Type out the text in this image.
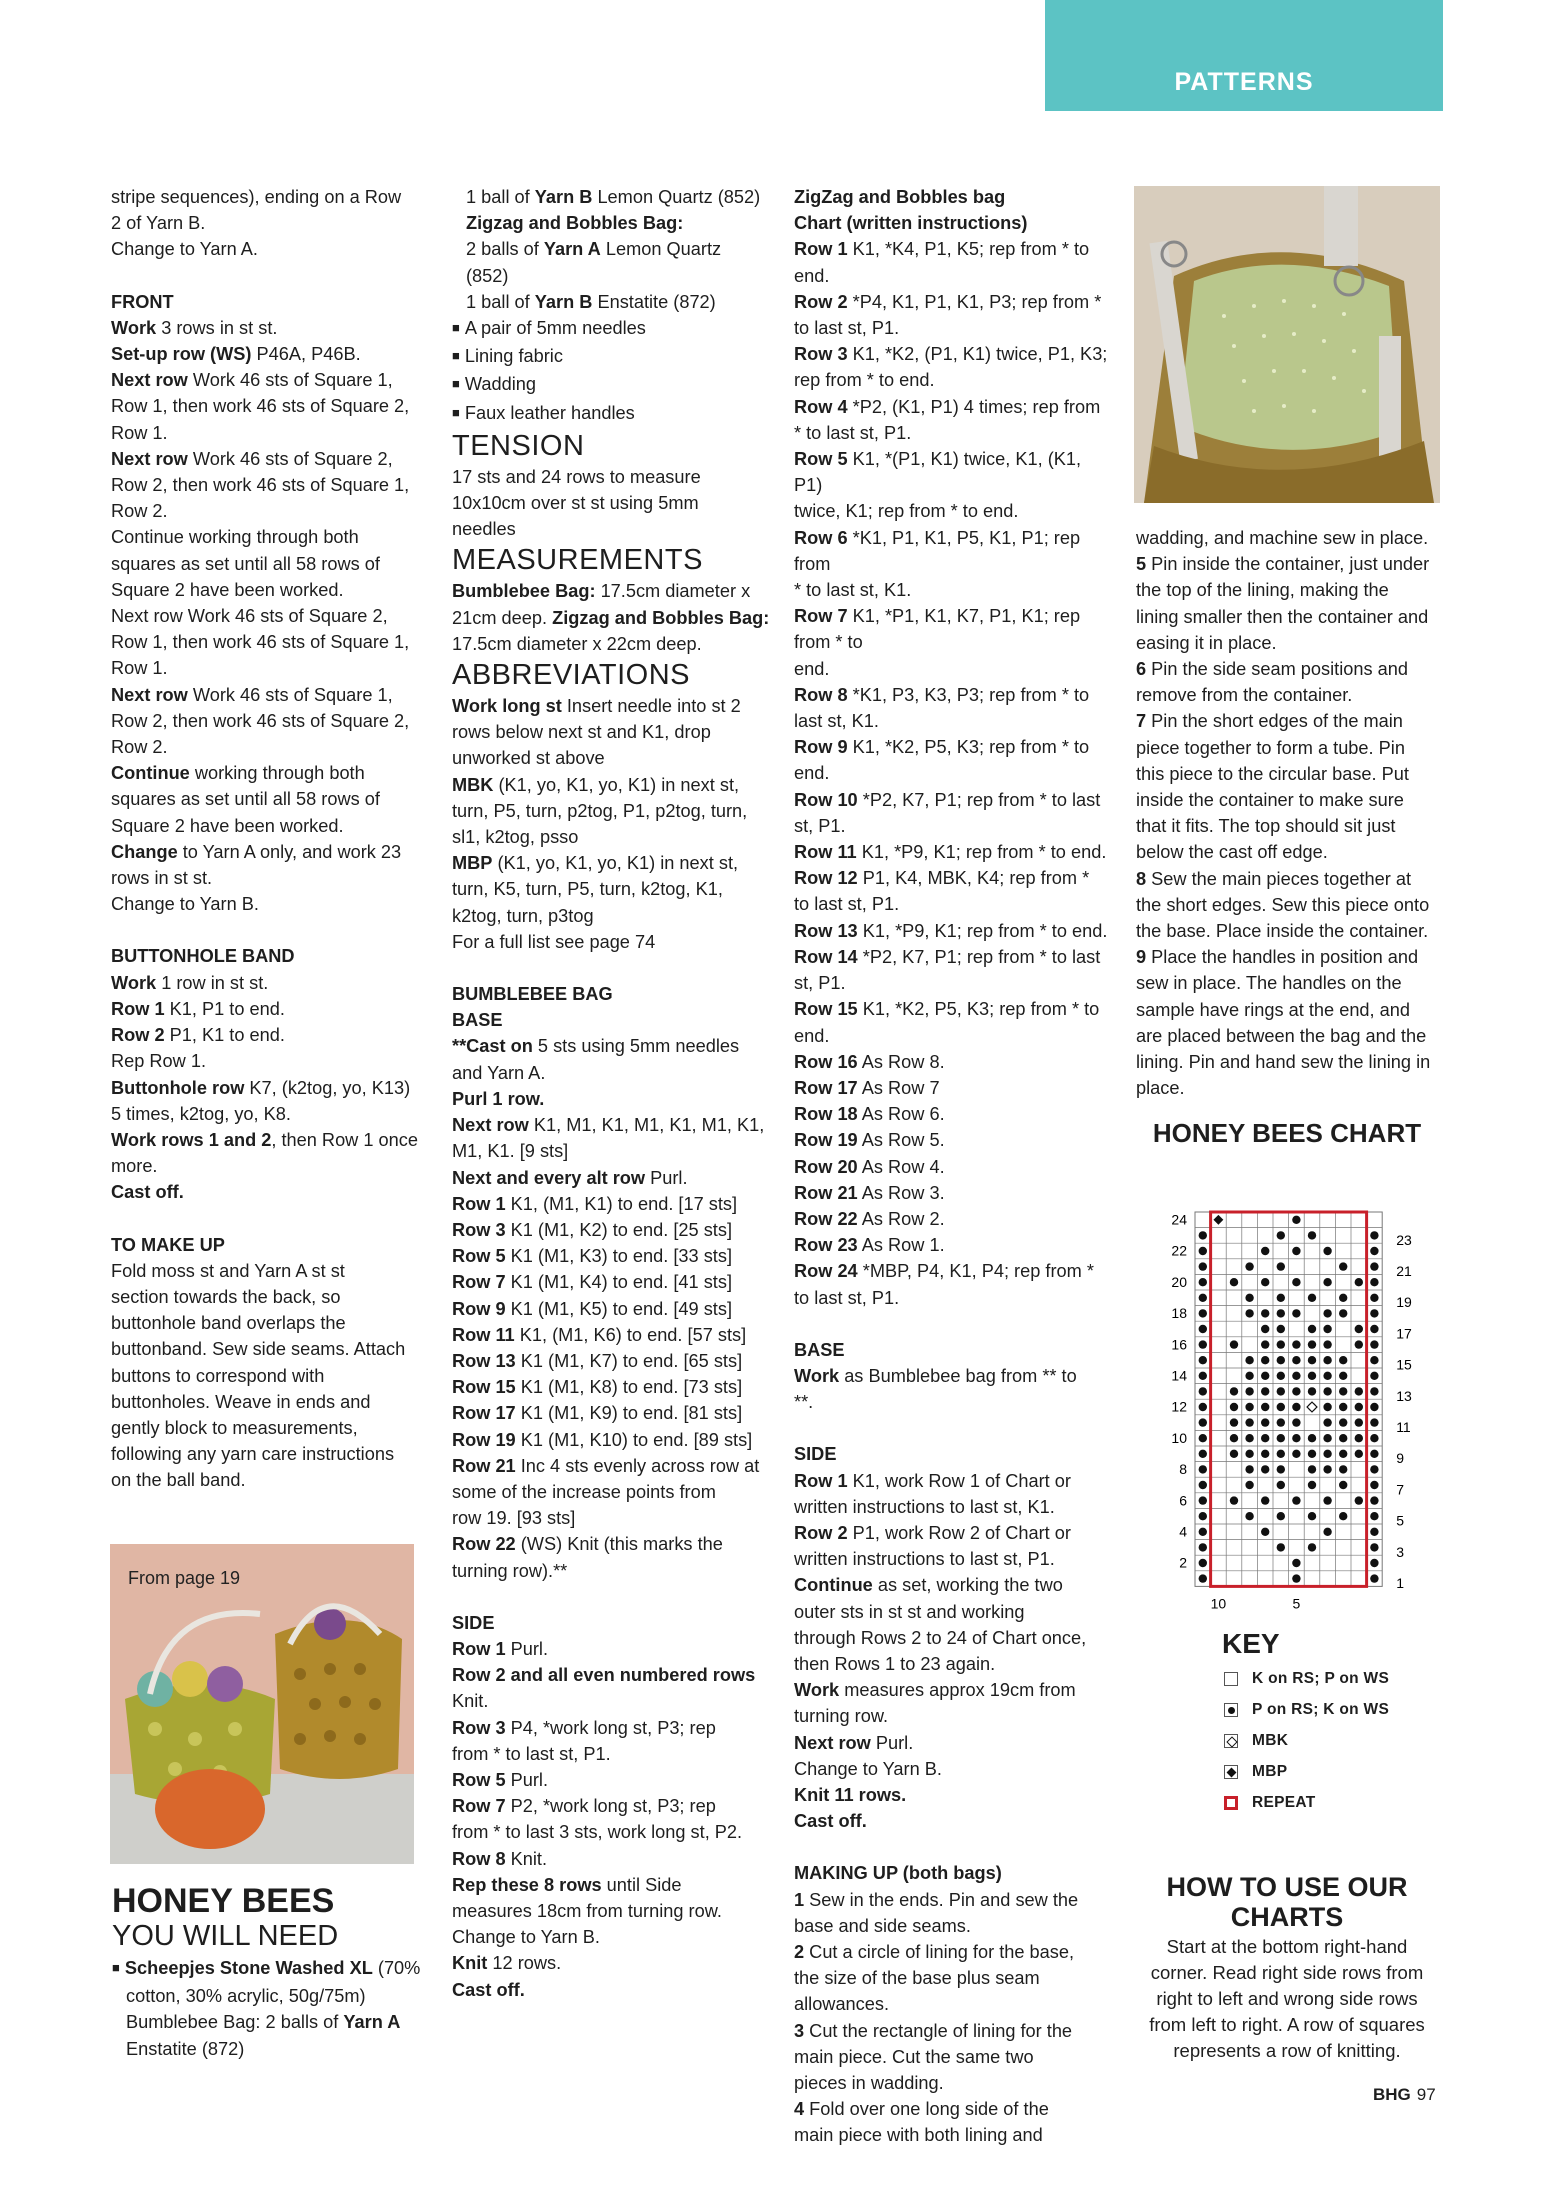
PATTERNS

stripe sequences), ending on a Row

2 of Yarn B.

Change to Yarn A.

FRONT

Work 3 rows in st st.

Set-up row (WS) P46A, P46B.

Next row Work 46 sts of Square 1,

Row 1, then work 46 sts of Square 2,

Row 1.

Next row Work 46 sts of Square 2,

Row 2, then work 46 sts of Square 1,

Row 2.

Continue working through both

squares as set until all 58 rows of

Square 2 have been worked.

Next row Work 46 sts of Square 2,

Row 1, then work 46 sts of Square 1,

Row 1.

Next row Work 46 sts of Square 1,

Row 2, then work 46 sts of Square 2,

Row 2.

Continue working through both

squares as set until all 58 rows of

Square 2 have been worked.

Change to Yarn A only, and work 23

rows in st st.

Change to Yarn B.

BUTTONHOLE BAND

Work 1 row in st st.

Row 1 K1, P1 to end.

Row 2 P1, K1 to end.

Rep Row 1.

Buttonhole row K7, (k2tog, yo, K13)

5 times, k2tog, yo, K8.

Work rows 1 and 2, then Row 1 once

more.

Cast off.

TO MAKE UP

Fold moss st and Yarn A st st

section towards the back, so

buttonhole band overlaps the

buttonband. Sew side seams. Attach

buttons to correspond with

buttonholes. Weave in ends and

gently block to measurements,

following any yarn care instructions

on the ball band.

1 ball of Yarn B Lemon Quartz (852)

Zigzag and Bobbles Bag:

2 balls of Yarn A Lemon Quartz

(852)

1 ball of Yarn B Enstatite (872)

■ A pair of 5mm needles

■ Lining fabric

■ Wadding

■ Faux leather handles

TENSION

17 sts and 24 rows to measure

10x10cm over st st using 5mm

needles

MEASUREMENTS

Bumblebee Bag: 17.5cm diameter x

21cm deep. Zigzag and Bobbles Bag:

17.5cm diameter x 22cm deep.

ABBREVIATIONS

Work long st Insert needle into st 2

rows below next st and K1, drop

unworked st above

MBK (K1, yo, K1, yo, K1) in next st,

turn, P5, turn, p2tog, P1, p2tog, turn,

sl1, k2tog, psso

MBP (K1, yo, K1, yo, K1) in next st,

turn, K5, turn, P5, turn, k2tog, K1,

k2tog, turn, p3tog

For a full list see page 74

BUMBLEBEE BAG

BASE

**Cast on 5 sts using 5mm needles

and Yarn A.

Purl 1 row.

Next row K1, M1, K1, M1, K1, M1, K1,

M1, K1. [9 sts]

Next and every alt row Purl.

Row 1 K1, (M1, K1) to end. [17 sts]

Row 3 K1 (M1, K2) to end. [25 sts]

Row 5 K1 (M1, K3) to end. [33 sts]

Row 7 K1 (M1, K4) to end. [41 sts]

Row 9 K1 (M1, K5) to end. [49 sts]

Row 11 K1, (M1, K6) to end. [57 sts]

Row 13 K1 (M1, K7) to end. [65 sts]

Row 15 K1 (M1, K8) to end. [73 sts]

Row 17 K1 (M1, K9) to end. [81 sts]

Row 19 K1 (M1, K10) to end. [89 sts]

Row 21 Inc 4 sts evenly across row at

some of the increase points from

row 19. [93 sts]

Row 22 (WS) Knit (this marks the

turning row).**

SIDE

Row 1 Purl.

Row 2 and all even numbered rows

Knit.

Row 3 P4, *work long st, P3; rep

from * to last st, P1.

Row 5 Purl.

Row 7 P2, *work long st, P3; rep

from * to last 3 sts, work long st, P2.

Row 8 Knit.

Rep these 8 rows until Side

measures 18cm from turning row.

Change to Yarn B.

Knit 12 rows.

Cast off.

ZigZag and Bobbles bag

Chart (written instructions)

Row 1 K1, *K4, P1, K5; rep from * to

end.

Row 2 *P4, K1, P1, K1, P3; rep from *

to last st, P1.

Row 3 K1, *K2, (P1, K1) twice, P1, K3;

rep from * to end.

Row 4 *P2, (K1, P1) 4 times; rep from

* to last st, P1.

Row 5 K1, *(P1, K1) twice, K1, (K1, P1)

twice, K1; rep from * to end.

Row 6 *K1, P1, K1, P5, K1, P1; rep from

* to last st, K1.

Row 7 K1, *P1, K1, K7, P1, K1; rep from * to

end.

Row 8 *K1, P3, K3, P3; rep from * to

last st, K1.

Row 9 K1, *K2, P5, K3; rep from * to

end.

Row 10 *P2, K7, P1; rep from * to last

st, P1.

Row 11 K1, *P9, K1; rep from * to end.

Row 12 P1, K4, MBK, K4; rep from *

to last st, P1.

Row 13 K1, *P9, K1; rep from * to end.

Row 14 *P2, K7, P1; rep from * to last

st, P1.

Row 15 K1, *K2, P5, K3; rep from * to

end.

Row 16 As Row 8.

Row 17 As Row 7

Row 18 As Row 6.

Row 19 As Row 5.

Row 20 As Row 4.

Row 21 As Row 3.

Row 22 As Row 2.

Row 23 As Row 1.

Row 24 *MBP, P4, K1, P4; rep from *

to last st, P1.

BASE

Work as Bumblebee bag from ** to

**.

SIDE

Row 1 K1, work Row 1 of Chart or

written instructions to last st, K1.

Row 2 P1, work Row 2 of Chart or

written instructions to last st, P1.

Continue as set, working the two

outer sts in st st and working

through Rows 2 to 24 of Chart once,

then Rows 1 to 23 again.

Work measures approx 19cm from

turning row.

Next row Purl.

Change to Yarn B.

Knit 11 rows.

Cast off.

MAKING UP (both bags)

1 Sew in the ends. Pin and sew the

base and side seams.

2 Cut a circle of lining for the base,

the size of the base plus seam

allowances.

3 Cut the rectangle of lining for the

main piece. Cut the same two

pieces in wadding.

4 Fold over one long side of the

main piece with both lining and

wadding, and machine sew in place.

5 Pin inside the container, just under

the top of the lining, making the

lining smaller then the container and

easing it in place.

6 Pin the side seam positions and

remove from the container.

7 Pin the short edges of the main

piece together to form a tube. Pin

this piece to the circular base. Put

inside the container to make sure

that it fits. The top should sit just

below the cast off edge.

8 Sew the main pieces together at

the short edges. Sew this piece onto

the base. Place inside the container.

9 Place the handles in position and

sew in place. The handles on the

sample have rings at the end, and

are placed between the bag and the

lining. Pin and hand sew the lining in

place.

From page 19
HONEY BEES
YOU WILL NEED

■ Scheepjes Stone Washed XL (70%

cotton, 30% acrylic, 50g/75m)

Bumblebee Bag: 2 balls of Yarn A

Enstatite (872)

HONEY BEES CHART
24
22
20
18
16
14
12
10
8
6
4
2
23
21
19
17
15
13
11
9
7
5
3
1
10	5
KEY
K on RS; P on WS
P on RS; K on WS
MBK
MBP
REPEAT
HOW TO USE OUR
CHARTS
Start at the bottom right-hand
corner. Read right side rows from
right to left and wrong side rows
from left to right. A row of squares
represents a row of knitting.
BHG 97
